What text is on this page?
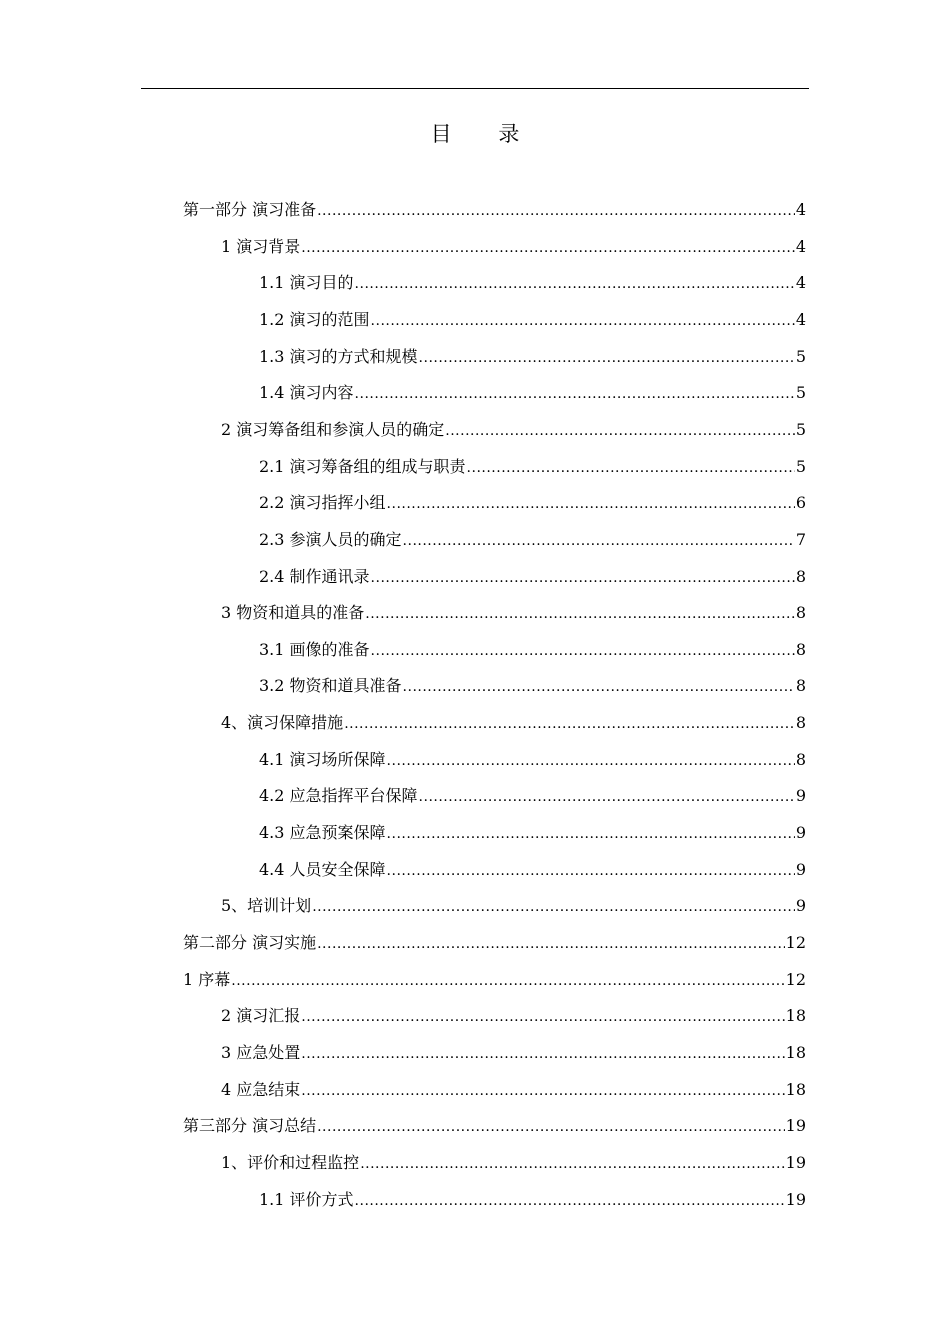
目 录
第一部分 演习准备 .....	4
1 演习背景 .....	4
1.1 演习目的 .....	4
1.2 演习的范围 .....	4
1.3 演习的方式和规模 .....	5
1.4 演习内容 .....	5
2 演习筹备组和参演人员的确定 .....	5
2.1 演习筹备组的组成与职责 .....	5
2.2 演习指挥小组 .....	6
2.3 参演人员的确定 .....	7
2.4 制作通讯录 .....	8
3 物资和道具的准备 .....	8
3.1 画像的准备 .....	8
3.2 物资和道具准备 .....	8
4、演习保障措施 .....	8
4.1 演习场所保障 .....	8
4.2 应急指挥平台保障 .....	9
4.3 应急预案保障 .....	9
4.4 人员安全保障 .....	9
5、培训计划 .....	9
第二部分 演习实施 .....	12
1 序幕 .....	12
2 演习汇报 .....	18
3 应急处置 .....	18
4 应急结束 .....	18
第三部分 演习总结 .....	19
1、评价和过程监控 .....	19
1.1 评价方式 .....	19
